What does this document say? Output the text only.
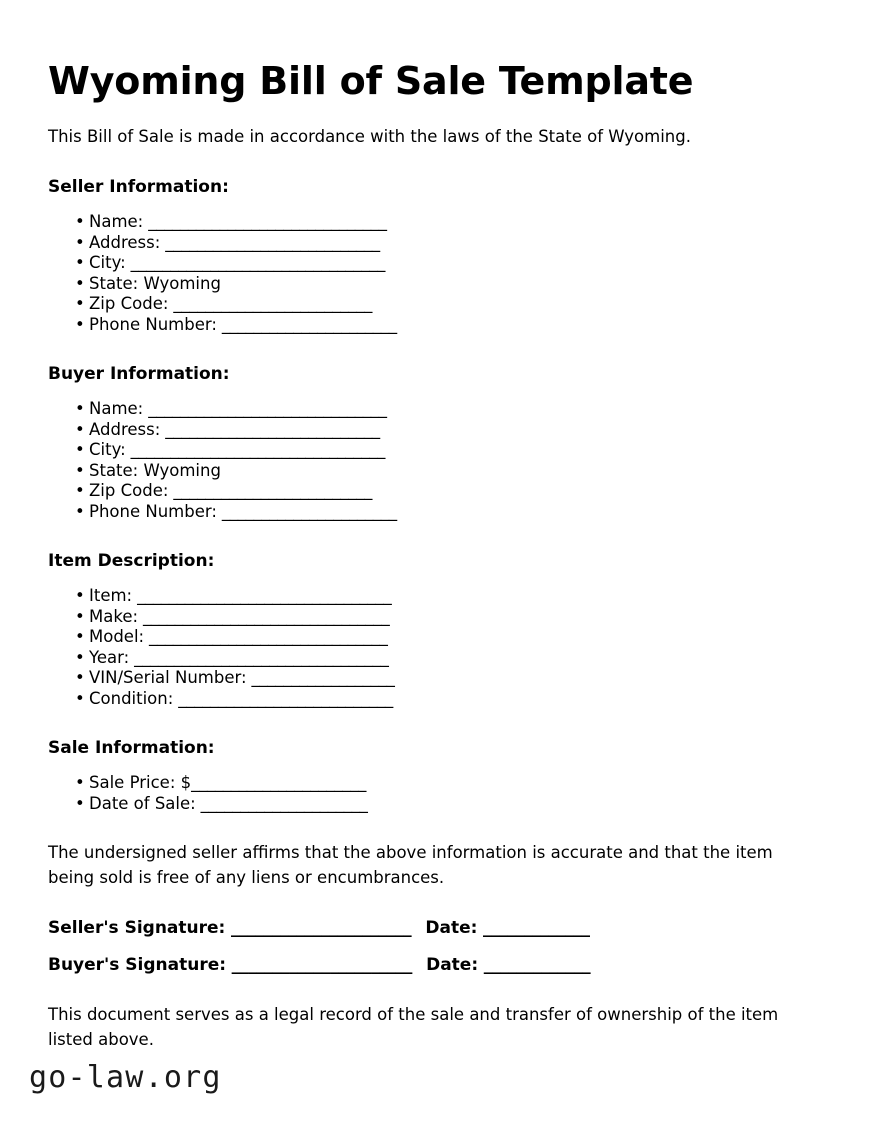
Wyoming Bill of Sale Template

This Bill of Sale is made in accordance with the laws of the State of Wyoming.

Seller Information:
• Name: ______________________________
• Address: ___________________________
• City: ________________________________
• State: Wyoming
• Zip Code: _________________________
• Phone Number: ______________________
Buyer Information:
• Name: ______________________________
• Address: ___________________________
• City: ________________________________
• State: Wyoming
• Zip Code: _________________________
• Phone Number: ______________________
Item Description:
• Item: ________________________________
• Make: _______________________________
• Model: ______________________________
• Year: ________________________________
• VIN/Serial Number: __________________
• Condition: ___________________________
Sale Information:
• Sale Price: $______________________
• Date of Sale: _____________________

The undersigned seller affirms that the above information is accurate and that the item being sold is free of any liens or encumbrances.

Seller's Signature: ______________________ Date: _____________
Buyer's Signature: ______________________ Date: _____________

This document serves as a legal record of the sale and transfer of ownership of the item listed above.

go-law.org
